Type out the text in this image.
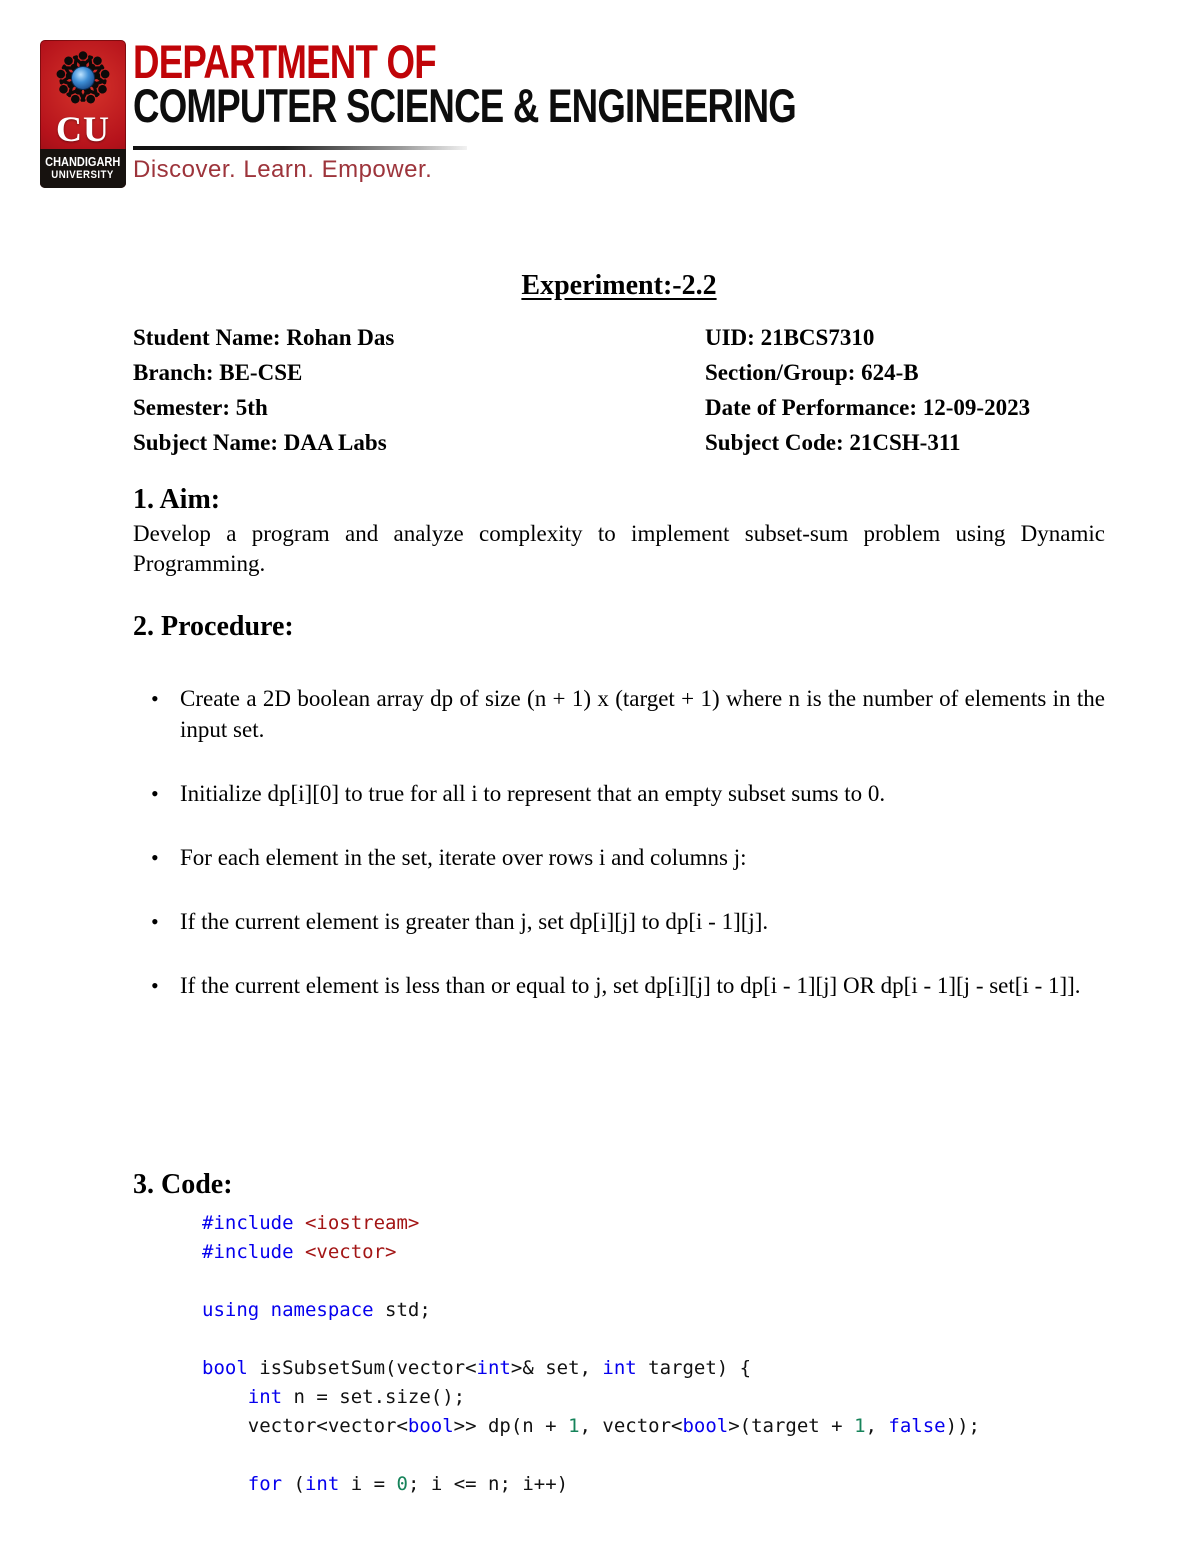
CU
CHANDIGARH
UNIVERSITY
DEPARTMENT OF
COMPUTER SCIENCE & ENGINEERING
Discover. Learn. Empower.
Experiment:-2.2
Student Name: Rohan Das	UID: 21BCS7310
Branch: BE-CSE	Section/Group: 624-B
Semester: 5th	Date of Performance: 12-09-2023
Subject Name: DAA Labs	Subject Code: 21CSH-311
1. Aim:

Develop a program and analyze complexity to implement subset-sum problem using Dynamic Programming.

2. Procedure:
• Create a 2D boolean array dp of size (n + 1) x (target + 1) where n is the number of elements in the input set.
• Initialize dp[i][0] to true for all i to represent that an empty subset sums to 0.
• For each element in the set, iterate over rows i and columns j:
• If the current element is greater than j, set dp[i][j] to dp[i - 1][j].
• If the current element is less than or equal to j, set dp[i][j] to dp[i - 1][j] OR dp[i - 1][j - set[i - 1]].
3. Code:
#include <iostream>
#include <vector>

using namespace std;

bool isSubsetSum(vector<int>& set, int target) {
int n = set.size();
vector<vector<bool>> dp(n + 1, vector<bool>(target + 1, false));

for (int i = 0; i <= n; i++)
